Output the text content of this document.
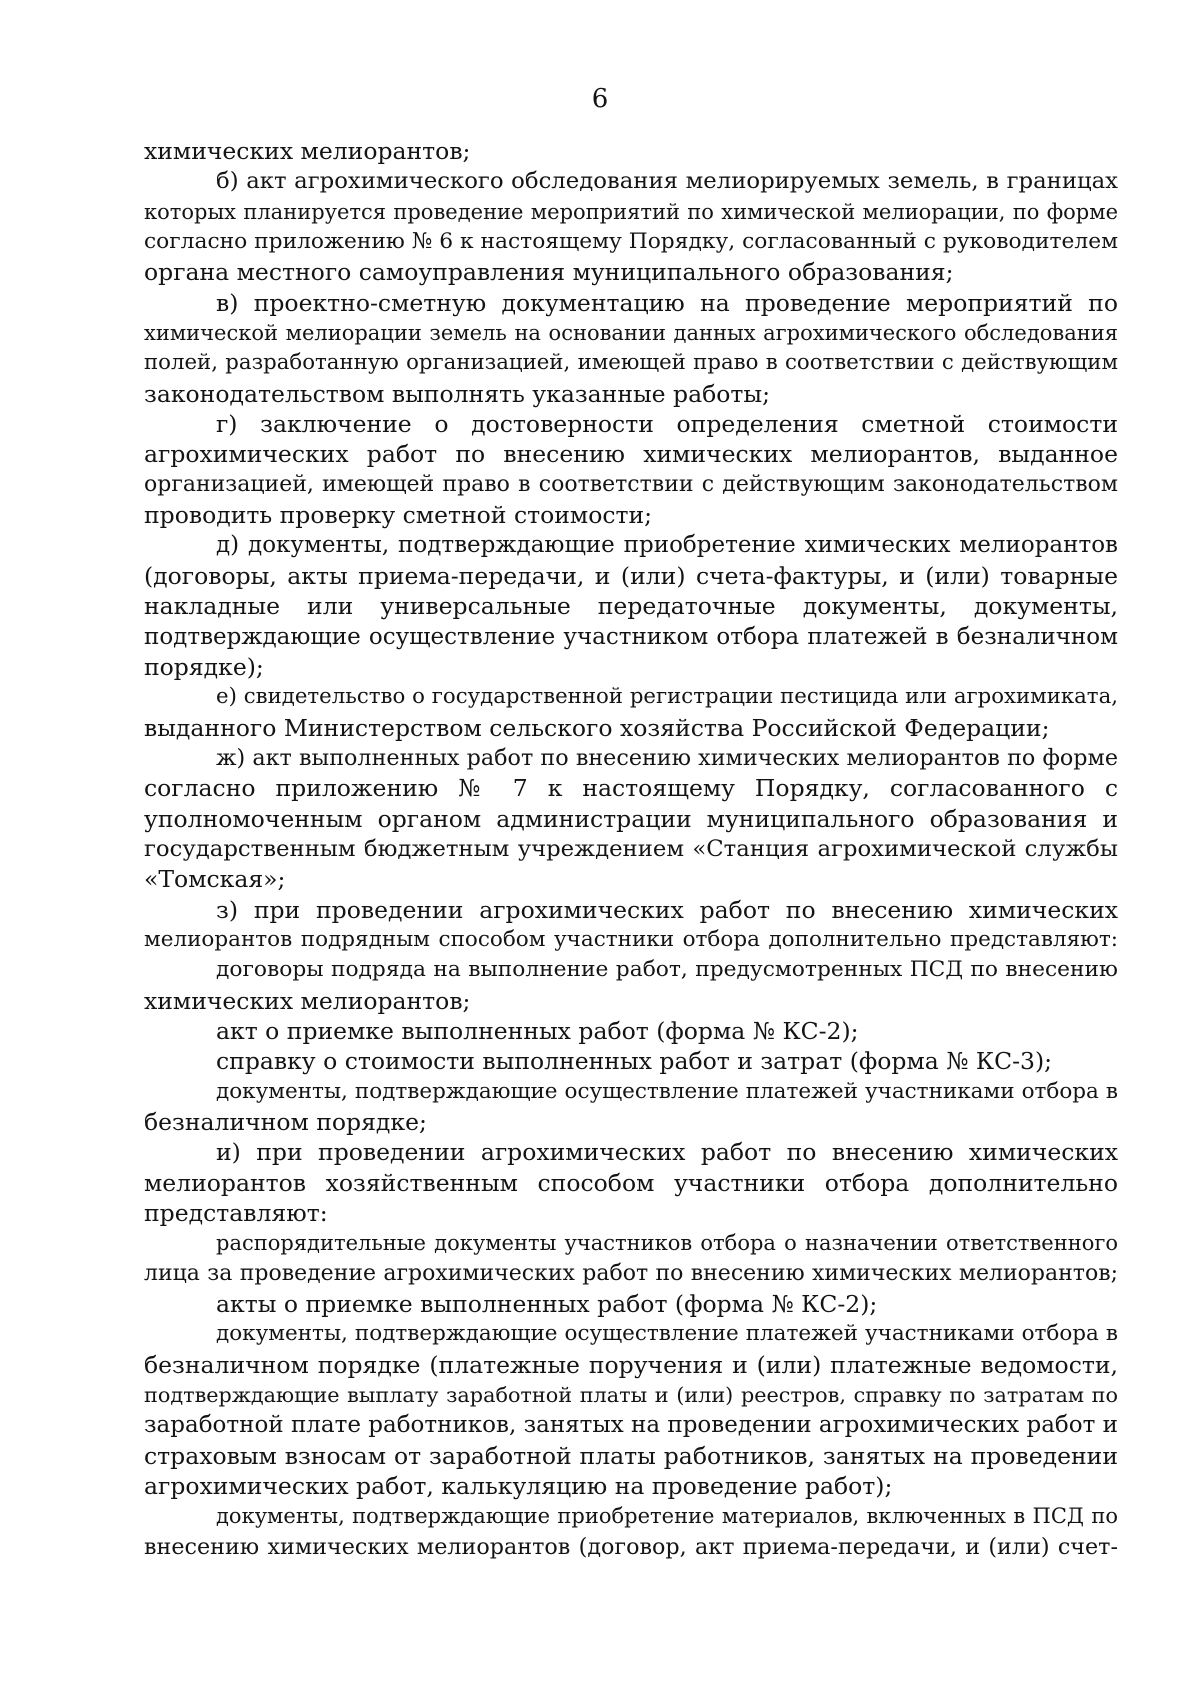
6
химических мелиорантов;
б) акт агрохимического обследования мелиорируемых земель, в границах
которых планируется проведение мероприятий по химической мелиорации, по форме
согласно приложению № 6 к настоящему Порядку, согласованный с руководителем
органа местного самоуправления муниципального образования;
в) проектно-сметную документацию на проведение мероприятий по
химической мелиорации земель на основании данных агрохимического обследования
полей, разработанную организацией, имеющей право в соответствии с действующим
законодательством выполнять указанные работы;
г) заключение о достоверности определения сметной стоимости
агрохимических работ по внесению химических мелиорантов, выданное
организацией, имеющей право в соответствии с действующим законодательством
проводить проверку сметной стоимости;
д) документы, подтверждающие приобретение химических мелиорантов
(договоры, акты приема-передачи, и (или) счета-фактуры, и (или) товарные
накладные или универсальные передаточные документы, документы,
подтверждающие осуществление участником отбора платежей в безналичном
порядке);
е) свидетельство о государственной регистрации пестицида или агрохимиката,
выданного Министерством сельского хозяйства Российской Федерации;
ж) акт выполненных работ по внесению химических мелиорантов по форме
согласно приложению № 7 к настоящему Порядку, согласованного с
уполномоченным органом администрации муниципального образования и
государственным бюджетным учреждением «Станция агрохимической службы
«Томская»;
з) при проведении агрохимических работ по внесению химических
мелиорантов подрядным способом участники отбора дополнительно представляют:
договоры подряда на выполнение работ, предусмотренных ПСД по внесению
химических мелиорантов;
акт о приемке выполненных работ (форма № КС-2);
справку о стоимости выполненных работ и затрат (форма № КС-3);
документы, подтверждающие осуществление платежей участниками отбора в
безналичном порядке;
и) при проведении агрохимических работ по внесению химических
мелиорантов хозяйственным способом участники отбора дополнительно
представляют:
распорядительные документы участников отбора о назначении ответственного
лица за проведение агрохимических работ по внесению химических мелиорантов;
акты о приемке выполненных работ (форма № КС-2);
документы, подтверждающие осуществление платежей участниками отбора в
безналичном порядке (платежные поручения и (или) платежные ведомости,
подтверждающие выплату заработной платы и (или) реестров, справку по затратам по
заработной плате работников, занятых на проведении агрохимических работ и
страховым взносам от заработной платы работников, занятых на проведении
агрохимических работ, калькуляцию на проведение работ);
документы, подтверждающие приобретение материалов, включенных в ПСД по
внесению химических мелиорантов (договор, акт приема-передачи, и (или) счет-
